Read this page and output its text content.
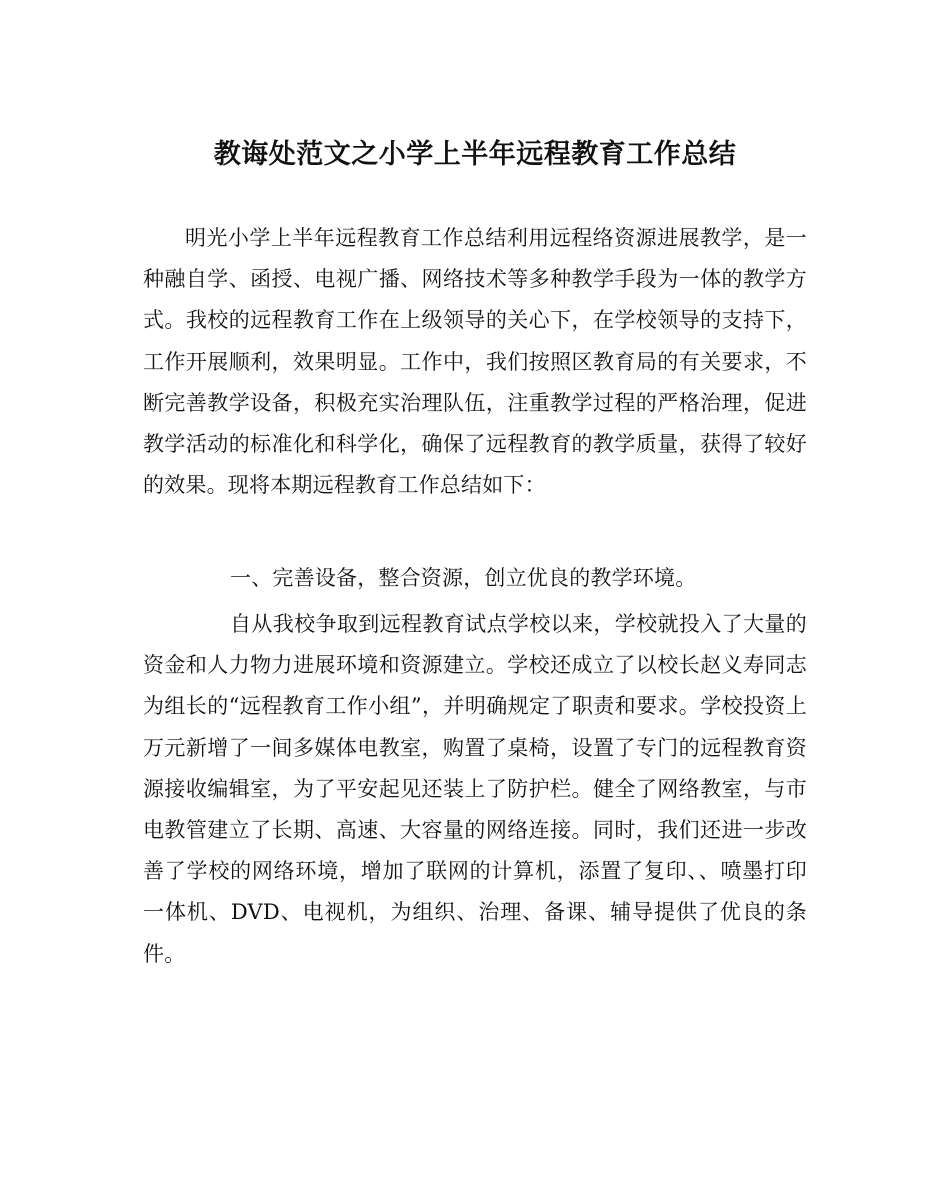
教诲处范文之小学上半年远程教育工作总结
明光小学上半年远程教育工作总结利用远程络资源进展教学，是一种融自学、函授、电视广播、网络技术等多种教学手段为一体的教学方式。我校的远程教育工作在上级领导的关心下，在学校领导的支持下，工作开展顺利，效果明显。工作中，我们按照区教育局的有关要求，不断完善教学设备，积极充实治理队伍，注重教学过程的严格治理，促进教学活动的标准化和科学化，确保了远程教育的教学质量，获得了较好的效果。现将本期远程教育工作总结如下：
一、完善设备，整合资源，创立优良的教学环境。
自从我校争取到远程教育试点学校以来，学校就投入了大量的资金和人力物力进展环境和资源建立。学校还成立了以校长赵义寿同志为组长的“远程教育工作小组”，并明确规定了职责和要求。学校投资上万元新增了一间多媒体电教室，购置了桌椅，设置了专门的远程教育资源接收编辑室，为了平安起见还装上了防护栏。健全了网络教室，与市电教管建立了长期、高速、大容量的网络连接。同时，我们还进一步改善了学校的网络环境，增加了联网的计算机，添置了复印、、喷墨打印一体机、DVD、电视机，为组织、治理、备课、辅导提供了优良的条件。
